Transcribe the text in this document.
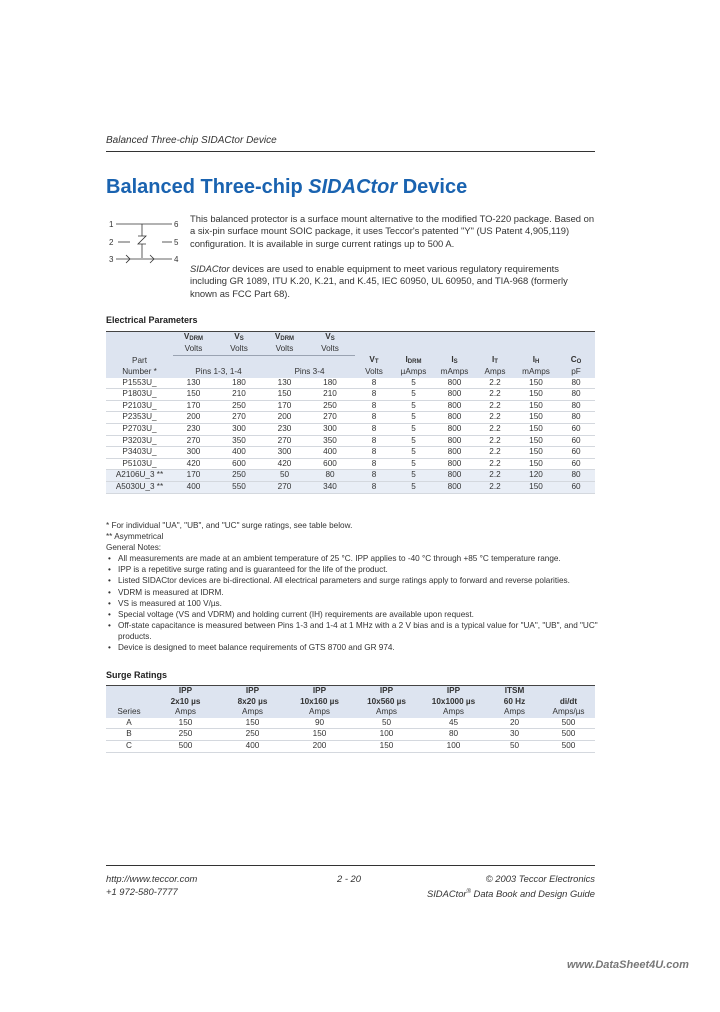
Balanced Three-chip SIDACtor Device
Balanced Three-chip SIDACtor Device
1	6
2	5
3	4
This balanced protector is a surface mount alternative to the modified TO-220 package. Based on a six-pin surface mount SOIC package, it uses Teccor's patented "Y" (US Patent 4,905,119) configuration. It is available in surge current ratings up to 500 A.
SIDACtor devices are used to enable equipment to meet various regulatory requirements including GR 1089, ITU K.20, K.21, and K.45, IEC 60950, UL 60950, and TIA-968 (formerly known as FCC Part 68).
Electrical Parameters
	VDRM	VS	VDRM	VS						
	Volts	Volts	Volts	Volts						
Part					VT	IDRM	IS	IT	IH	CO
Number *	Pins 1-3, 1-4		Pins 3-4		Volts	µAmps	mAmps	Amps	mAmps	pF
P1553U_	130	180	130	180	8	5	800	2.2	150	80
P1803U_	150	210	150	210	8	5	800	2.2	150	80
P2103U_	170	250	170	250	8	5	800	2.2	150	80
P2353U_	200	270	200	270	8	5	800	2.2	150	80
P2703U_	230	300	230	300	8	5	800	2.2	150	60
P3203U_	270	350	270	350	8	5	800	2.2	150	60
P3403U_	300	400	300	400	8	5	800	2.2	150	60
P5103U_	420	600	420	600	8	5	800	2.2	150	60
A2106U_3 **	170	250	50	80	8	5	800	2.2	120	80
A5030U_3 **	400	550	270	340	8	5	800	2.2	150	60
* For individual "UA", "UB", and "UC" surge ratings, see table below.
** Asymmetrical
General Notes:
• All measurements are made at an ambient temperature of 25 °C. IPP applies to -40 °C through +85 °C temperature range.
• IPP is a repetitive surge rating and is guaranteed for the life of the product.
• Listed SIDACtor devices are bi-directional. All electrical parameters and surge ratings apply to forward and reverse polarities.
• VDRM is measured at IDRM.
• VS is measured at 100 V/µs.
• Special voltage (VS and VDRM) and holding current (IH) requirements are available upon request.
• Off-state capacitance is measured between Pins 1-3 and 1-4 at 1 MHz with a 2 V bias and is a typical value for "UA", "UB", and "UC"
products.
• Device is designed to meet balance requirements of GTS 8700 and GR 974.
Surge Ratings
	IPP	IPP	IPP	IPP	IPP	ITSM	
	2x10 µs	8x20 µs	10x160 µs	10x560 µs	10x1000 µs	60 Hz	di/dt
Series	Amps	Amps	Amps	Amps	Amps	Amps	Amps/µs
A	150	150	90	50	45	20	500
B	250	250	150	100	80	30	500
C	500	400	200	150	100	50	500
http://www.teccor.com
+1 972-580-7777
2 - 20	© 2003 Teccor Electronics
SIDACtor® Data Book and Design Guide
www.DataSheet4U.com
